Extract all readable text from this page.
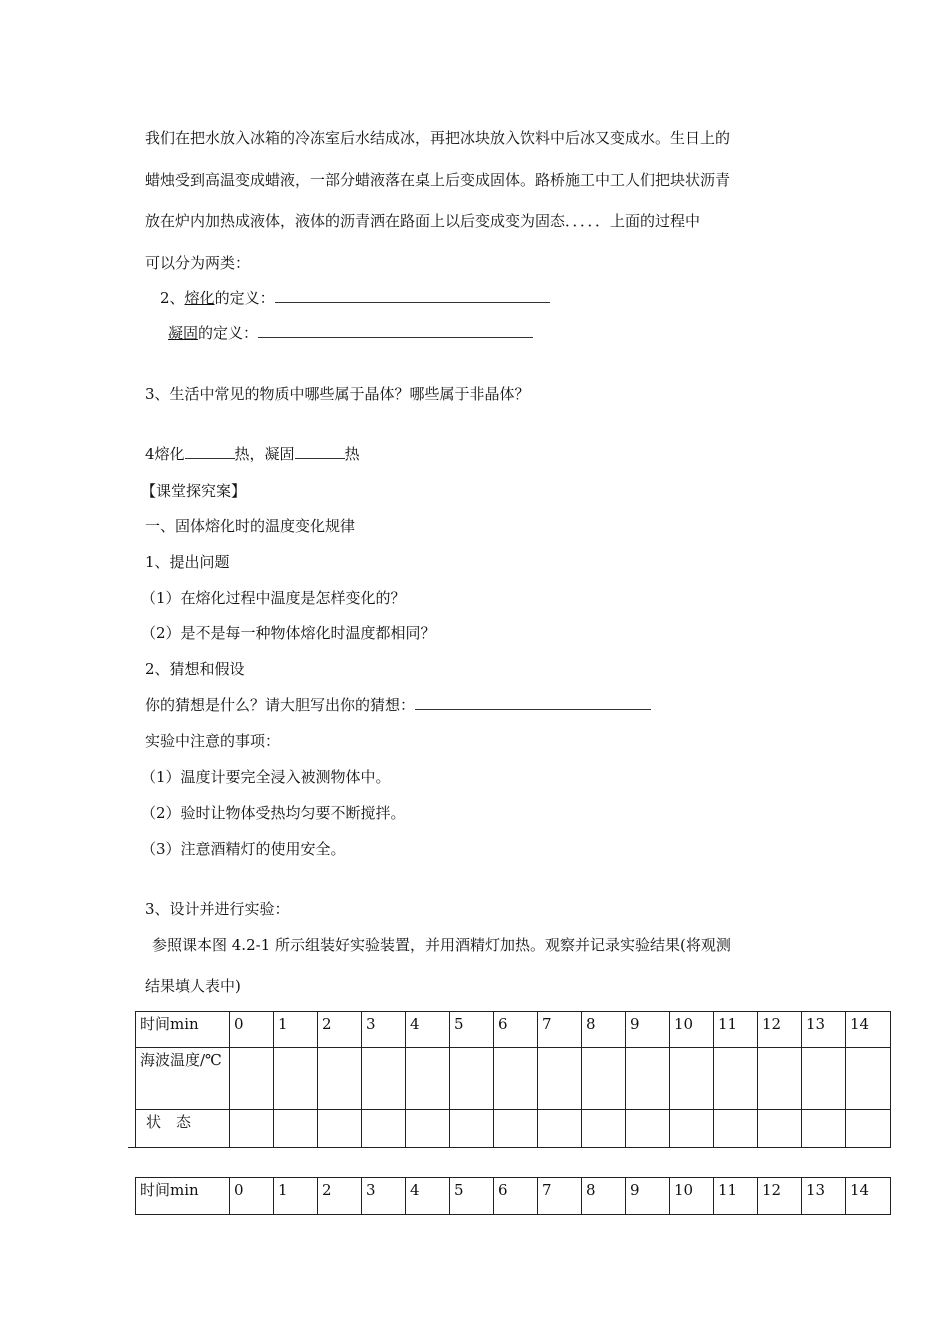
我们在把水放入冰箱的冷冻室后水结成冰，再把冰块放入饮料中后冰又变成水。生日上的
蜡烛受到高温变成蜡液，一部分蜡液落在桌上后变成固体。路桥施工中工人们把块状沥青
放在炉内加热成液体，液体的沥青洒在路面上以后变成变为固态．．．．．上面的过程中
可以分为两类：
2、熔化的定义：
凝固的定义：
3、生活中常见的物质中哪些属于晶体？哪些属于非晶体？
4熔化	热，凝固	热
【课堂探究案】
一、固体熔化时的温度变化规律
1、提出问题
（1）在熔化过程中温度是怎样变化的？
（2）是不是每一种物体熔化时温度都相同？
2、猜想和假设
你的猜想是什么？请大胆写出你的猜想：
实验中注意的事项：
（1）温度计要完全浸入被测物体中。
（2）验时让物体受热均匀要不断搅拌。
（3）注意酒精灯的使用安全。
3、设计并进行实验：
参照课本图 4.2-1 所示组装好实验装置，并用酒精灯加热。观察并记录实验结果(将观测
结果填人表中)
时间min	0	1	2	3	4	5	6	7	8	9	10	11	12	13	14
海波温度/℃															
状　态															
时间min	0	1	2	3	4	5	6	7	8	9	10	11	12	13	14
